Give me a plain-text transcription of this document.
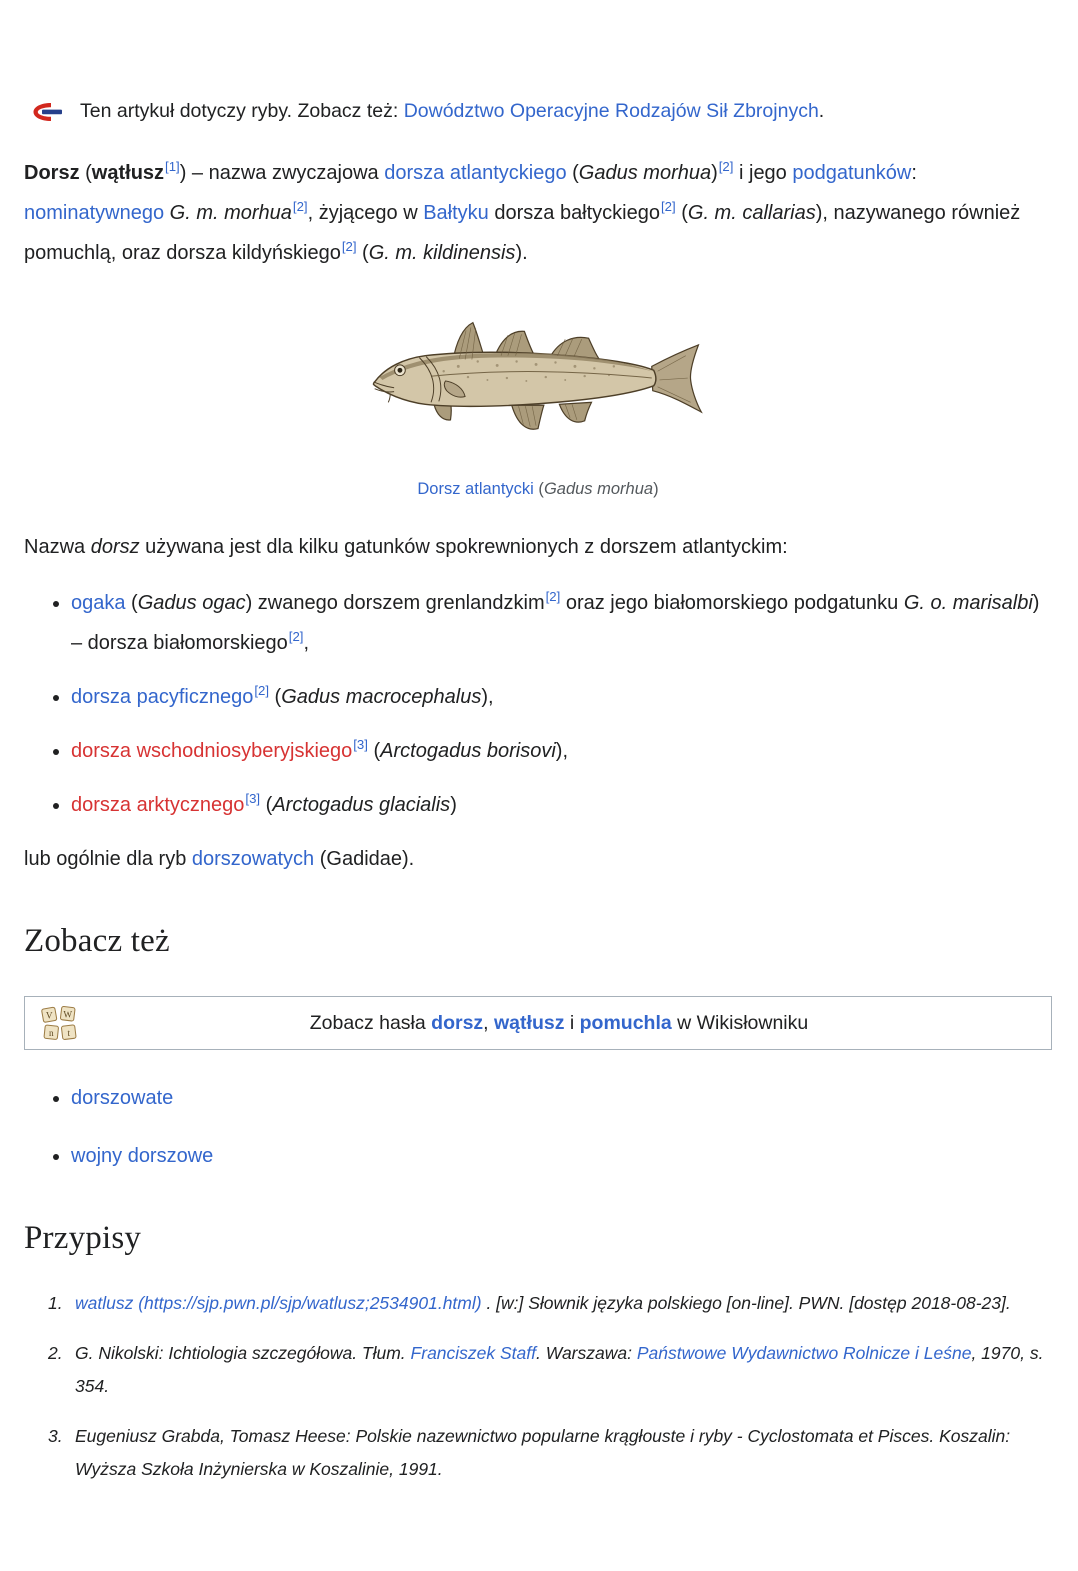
Ten artykuł dotyczy ryby. Zobacz też: Dowództwo Operacyjne Rodzajów Sił Zbrojnych.

Dorsz (wątłusz[1]) – nazwa zwyczajowa dorsza atlantyckiego (Gadus morhua)[2] i jego podgatunków: nominatywnego G. m. morhua[2], żyjącego w Bałtyku dorsza bałtyckiego[2] (G. m. callarias), nazywanego również pomuchlą, oraz dorsza kildyńskiego[2] (G. m. kildinensis).

Dorsz atlantycki (Gadus morhua)

Nazwa dorsz używana jest dla kilku gatunków spokrewnionych z dorszem atlantyckim:

• ogaka (Gadus ogac) zwanego dorszem grenlandzkim[2] oraz jego białomorskiego podgatunku G. o. marisalbi) – dorsza białomorskiego[2],
• dorsza pacyficznego[2] (Gadus macrocephalus),
• dorsza wschodniosyberyjskiego[3] (Arctogadus borisovi),
• dorsza arktycznego[3] (Arctogadus glacialis)

lub ogólnie dla ryb dorszowatych (Gadidae).

Zobacz też
V W
n t	Zobacz hasła dorsz, wątłusz i pomuchla w Wikisłowniku
• dorszowate
• wojny dorszowe
Przypisy
1. watlusz (https://sjp.pwn.pl/sjp/watlusz;2534901.html) . [w:] Słownik języka polskiego [on-line]. PWN. [dostęp 2018-08-23].
2. G. Nikolski: Ichtiologia szczegółowa. Tłum. Franciszek Staff. Warszawa: Państwowe Wydawnictwo Rolnicze i Leśne, 1970, s. 354.
3. Eugeniusz Grabda, Tomasz Heese: Polskie nazewnictwo popularne krągłouste i ryby - Cyclostomata et Pisces. Koszalin: Wyższa Szkoła Inżynierska w Koszalinie, 1991.
